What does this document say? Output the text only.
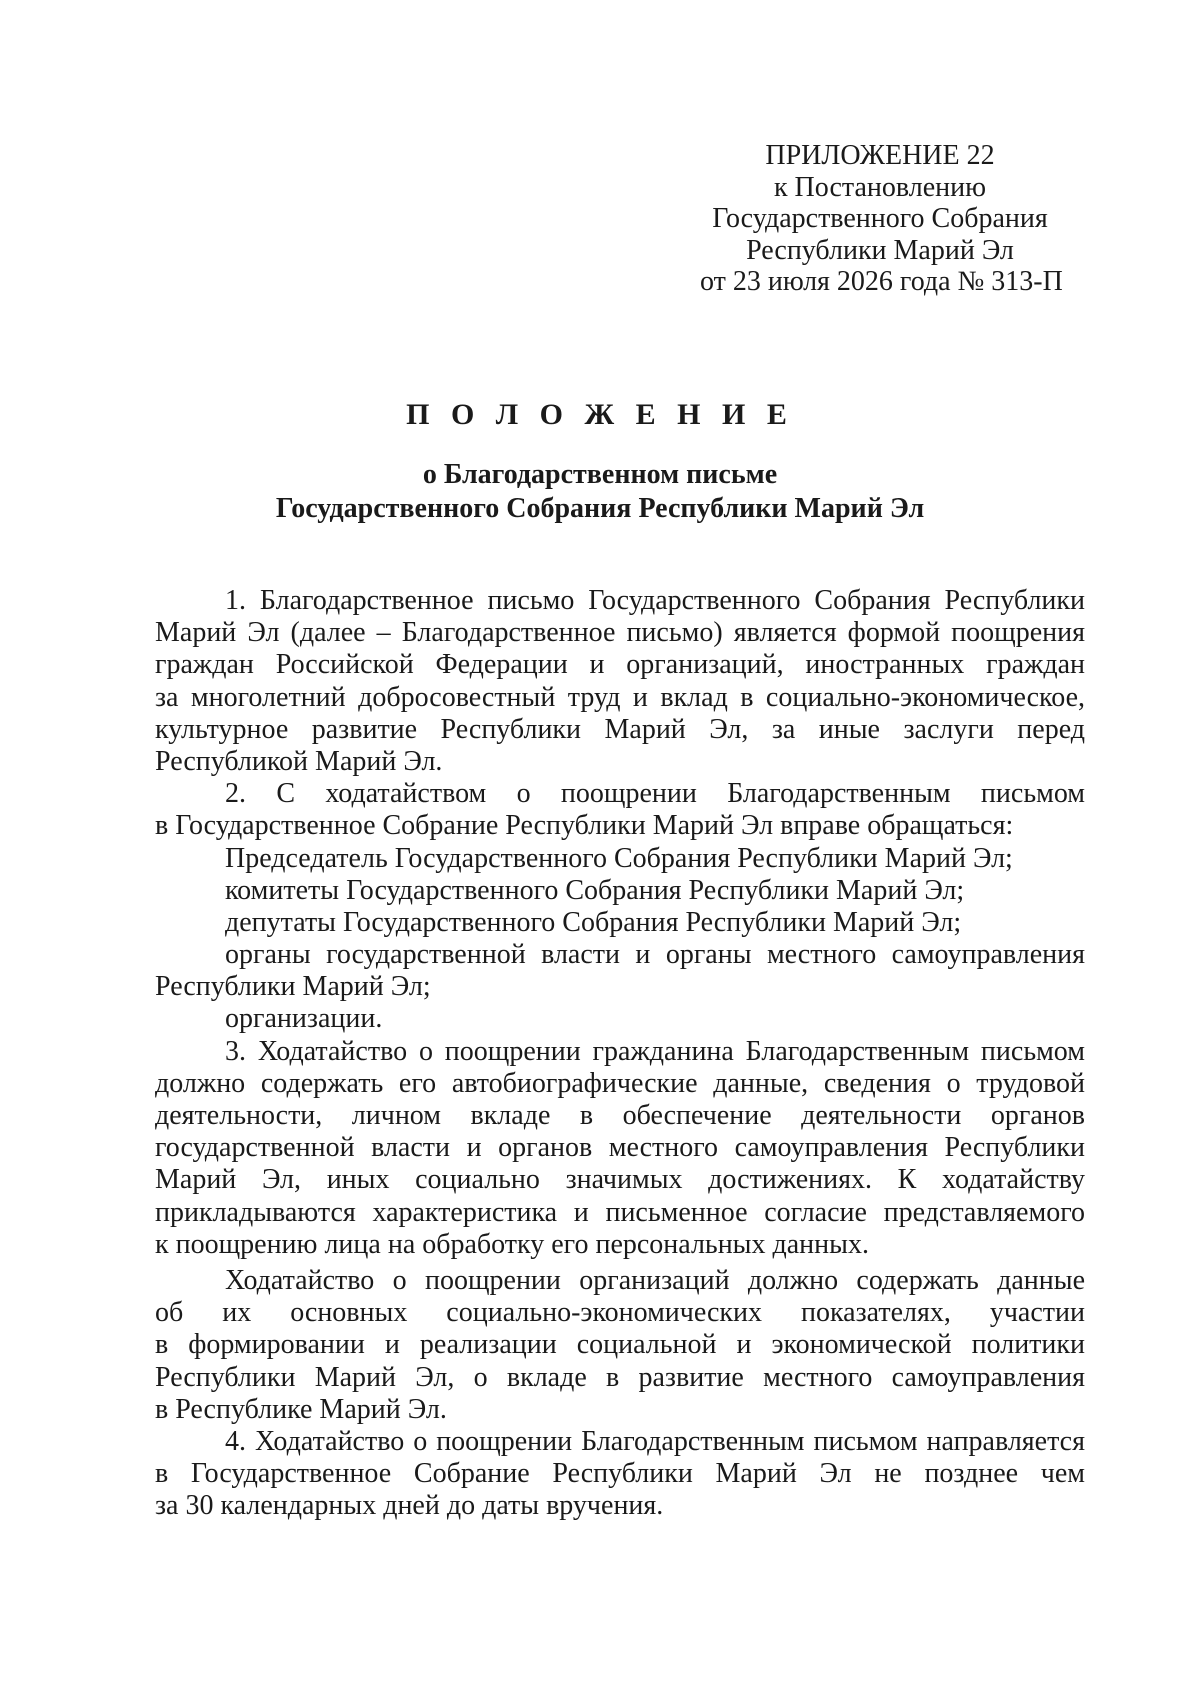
ПРИЛОЖЕНИЕ 22
к Постановлению
Государственного Собрания
Республики Марий Эл
от 23 июля 2026 года № 313-П
П О Л О Ж Е Н И Е
о Благодарственном письме
Государственного Собрания Республики Марий Эл
1. Благодарственное письмо Государственного Собрания Республики
Марий Эл (далее – Благодарственное письмо) является формой поощрения
граждан Российской Федерации и организаций, иностранных граждан
за многолетний добросовестный труд и вклад в социально-экономическое,
культурное развитие Республики Марий Эл, за иные заслуги перед
Республикой Марий Эл.
2. С ходатайством о поощрении Благодарственным письмом
в Государственное Собрание Республики Марий Эл вправе обращаться:
Председатель Государственного Собрания Республики Марий Эл;
комитеты Государственного Собрания Республики Марий Эл;
депутаты Государственного Собрания Республики Марий Эл;
органы государственной власти и органы местного самоуправления
Республики Марий Эл;
организации.
3. Ходатайство о поощрении гражданина Благодарственным письмом
должно содержать его автобиографические данные, сведения о трудовой
деятельности, личном вкладе в обеспечение деятельности органов
государственной власти и органов местного самоуправления Республики
Марий Эл, иных социально значимых достижениях. К ходатайству
прикладываются характеристика и письменное согласие представляемого
к поощрению лица на обработку его персональных данных.
Ходатайство о поощрении организаций должно содержать данные
об их основных социально-экономических показателях, участии
в формировании и реализации социальной и экономической политики
Республики Марий Эл, о вкладе в развитие местного самоуправления
в Республике Марий Эл.
4. Ходатайство о поощрении Благодарственным письмом направляется
в Государственное Собрание Республики Марий Эл не позднее чем
за 30 календарных дней до даты вручения.
